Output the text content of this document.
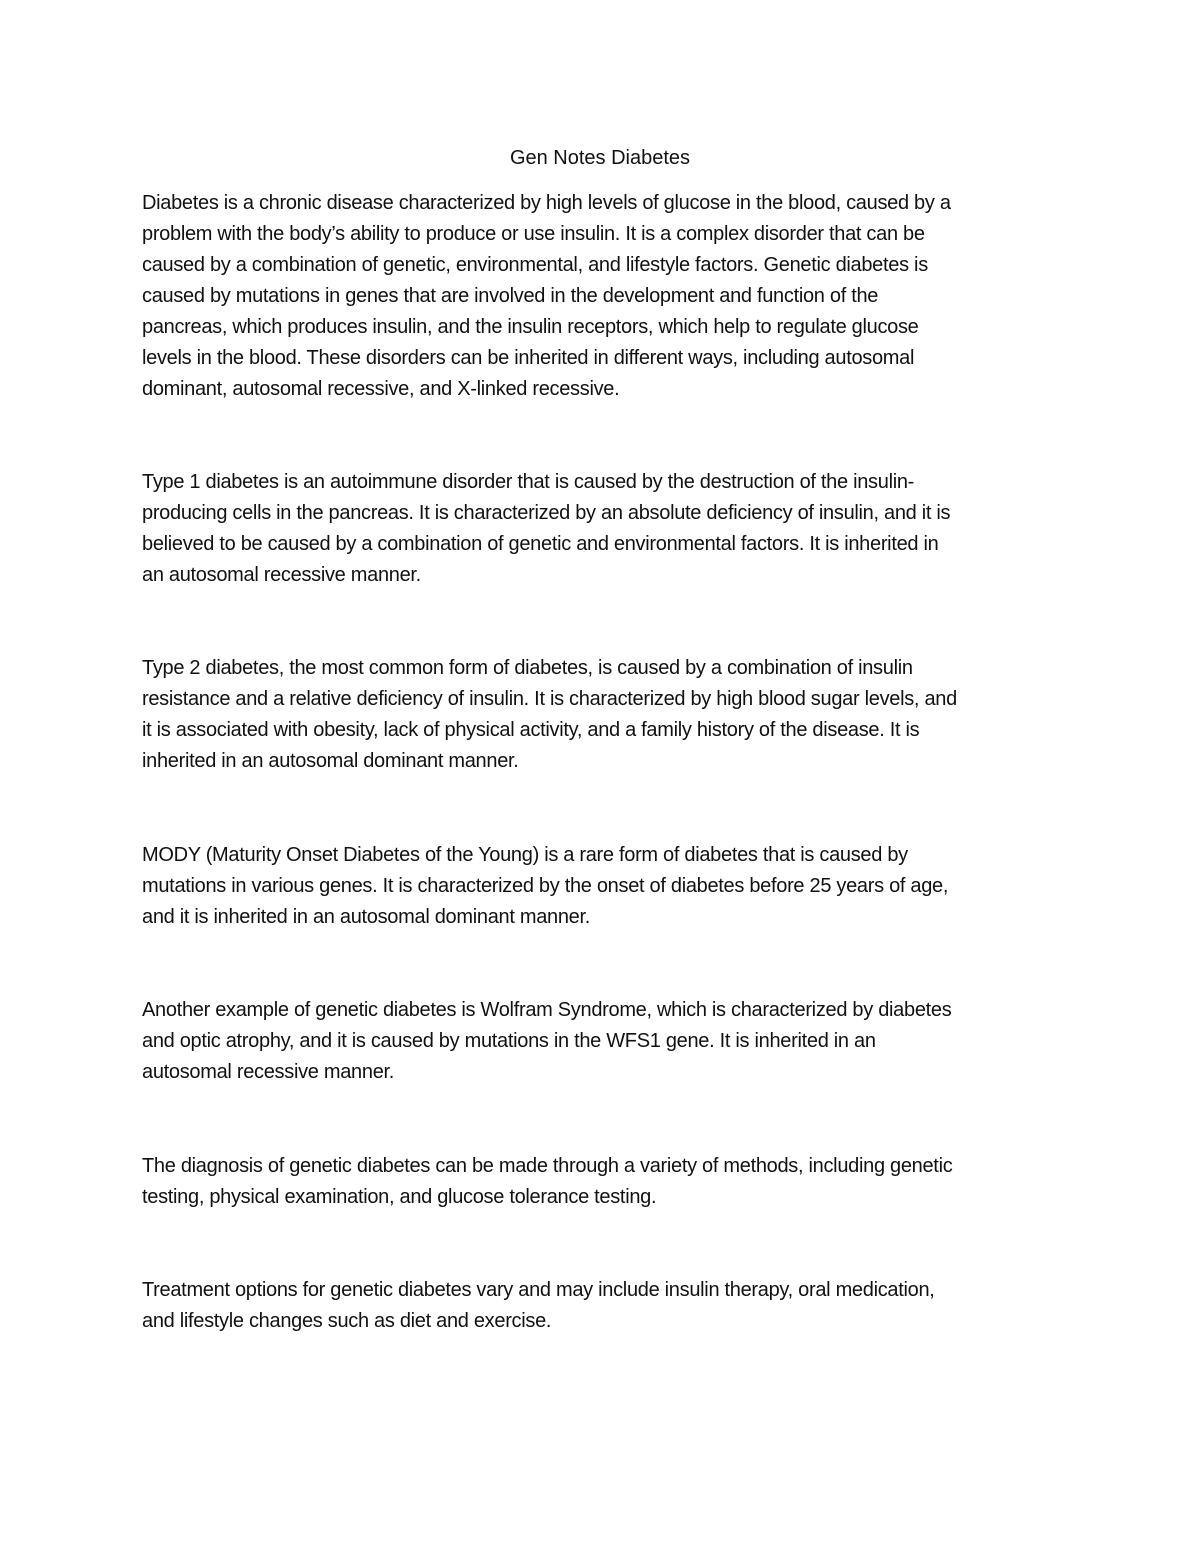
Gen Notes Diabetes

Diabetes is a chronic disease characterized by high levels of glucose in the blood, caused by a
problem with the body’s ability to produce or use insulin. It is a complex disorder that can be
caused by a combination of genetic, environmental, and lifestyle factors. Genetic diabetes is
caused by mutations in genes that are involved in the development and function of the
pancreas, which produces insulin, and the insulin receptors, which help to regulate glucose
levels in the blood. These disorders can be inherited in different ways, including autosomal
dominant, autosomal recessive, and X-linked recessive.

Type 1 diabetes is an autoimmune disorder that is caused by the destruction of the insulin-
producing cells in the pancreas. It is characterized by an absolute deficiency of insulin, and it is
believed to be caused by a combination of genetic and environmental factors. It is inherited in
an autosomal recessive manner.

Type 2 diabetes, the most common form of diabetes, is caused by a combination of insulin
resistance and a relative deficiency of insulin. It is characterized by high blood sugar levels, and
it is associated with obesity, lack of physical activity, and a family history of the disease. It is
inherited in an autosomal dominant manner.

MODY (Maturity Onset Diabetes of the Young) is a rare form of diabetes that is caused by
mutations in various genes. It is characterized by the onset of diabetes before 25 years of age,
and it is inherited in an autosomal dominant manner.

Another example of genetic diabetes is Wolfram Syndrome, which is characterized by diabetes
and optic atrophy, and it is caused by mutations in the WFS1 gene. It is inherited in an
autosomal recessive manner.

The diagnosis of genetic diabetes can be made through a variety of methods, including genetic
testing, physical examination, and glucose tolerance testing.

Treatment options for genetic diabetes vary and may include insulin therapy, oral medication,
and lifestyle changes such as diet and exercise.
